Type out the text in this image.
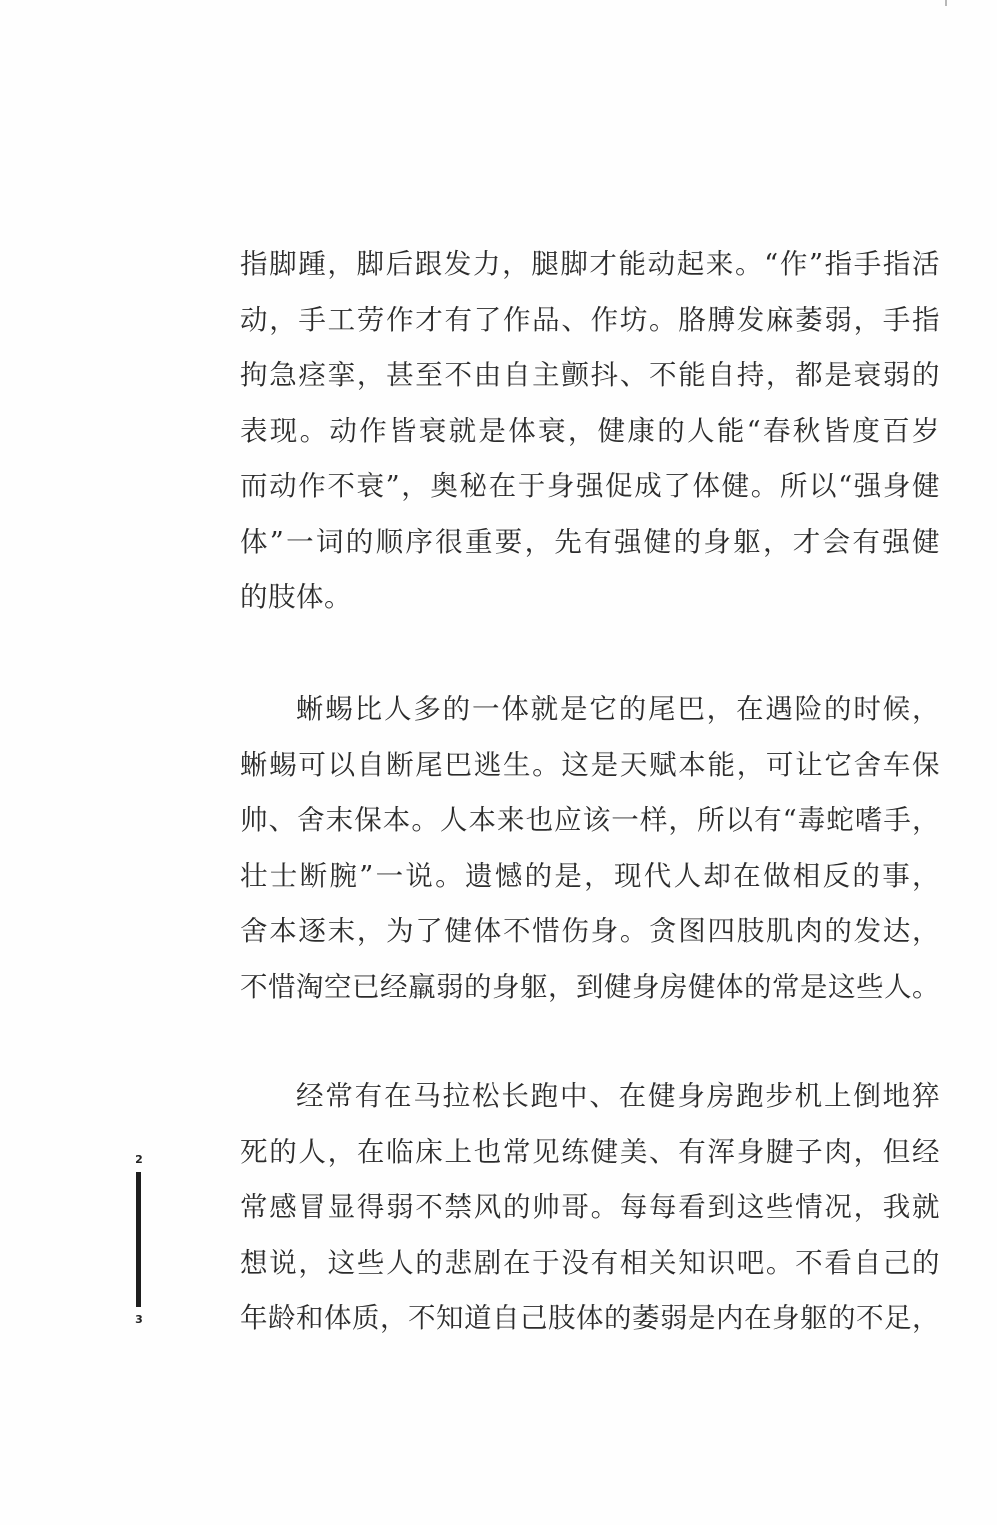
指脚踵，脚后跟发力，腿脚才能动起来。“作”指手指活
动，手工劳作才有了作品、作坊。胳膊发麻萎弱，手指
拘急痉挛，甚至不由自主颤抖、不能自持，都是衰弱的
表现。动作皆衰就是体衰，健康的人能“春秋皆度百岁
而动作不衰”，奥秘在于身强促成了体健。所以“强身健
体”一词的顺序很重要，先有强健的身躯，才会有强健
的肢体。
蜥蜴比人多的一体就是它的尾巴，在遇险的时候，
蜥蜴可以自断尾巴逃生。这是天赋本能，可让它舍车保
帅、舍末保本。人本来也应该一样，所以有“毒蛇嗜手，
壮士断腕”一说。遗憾的是，现代人却在做相反的事，
舍本逐末，为了健体不惜伤身。贪图四肢肌肉的发达，
不惜淘空已经羸弱的身躯，到健身房健体的常是这些人。
经常有在马拉松长跑中、在健身房跑步机上倒地猝
死的人，在临床上也常见练健美、有浑身腱子肉，但经
常感冒显得弱不禁风的帅哥。每每看到这些情况，我就
想说，这些人的悲剧在于没有相关知识吧。不看自己的
年龄和体质，不知道自己肢体的萎弱是内在身躯的不足，
2
3
